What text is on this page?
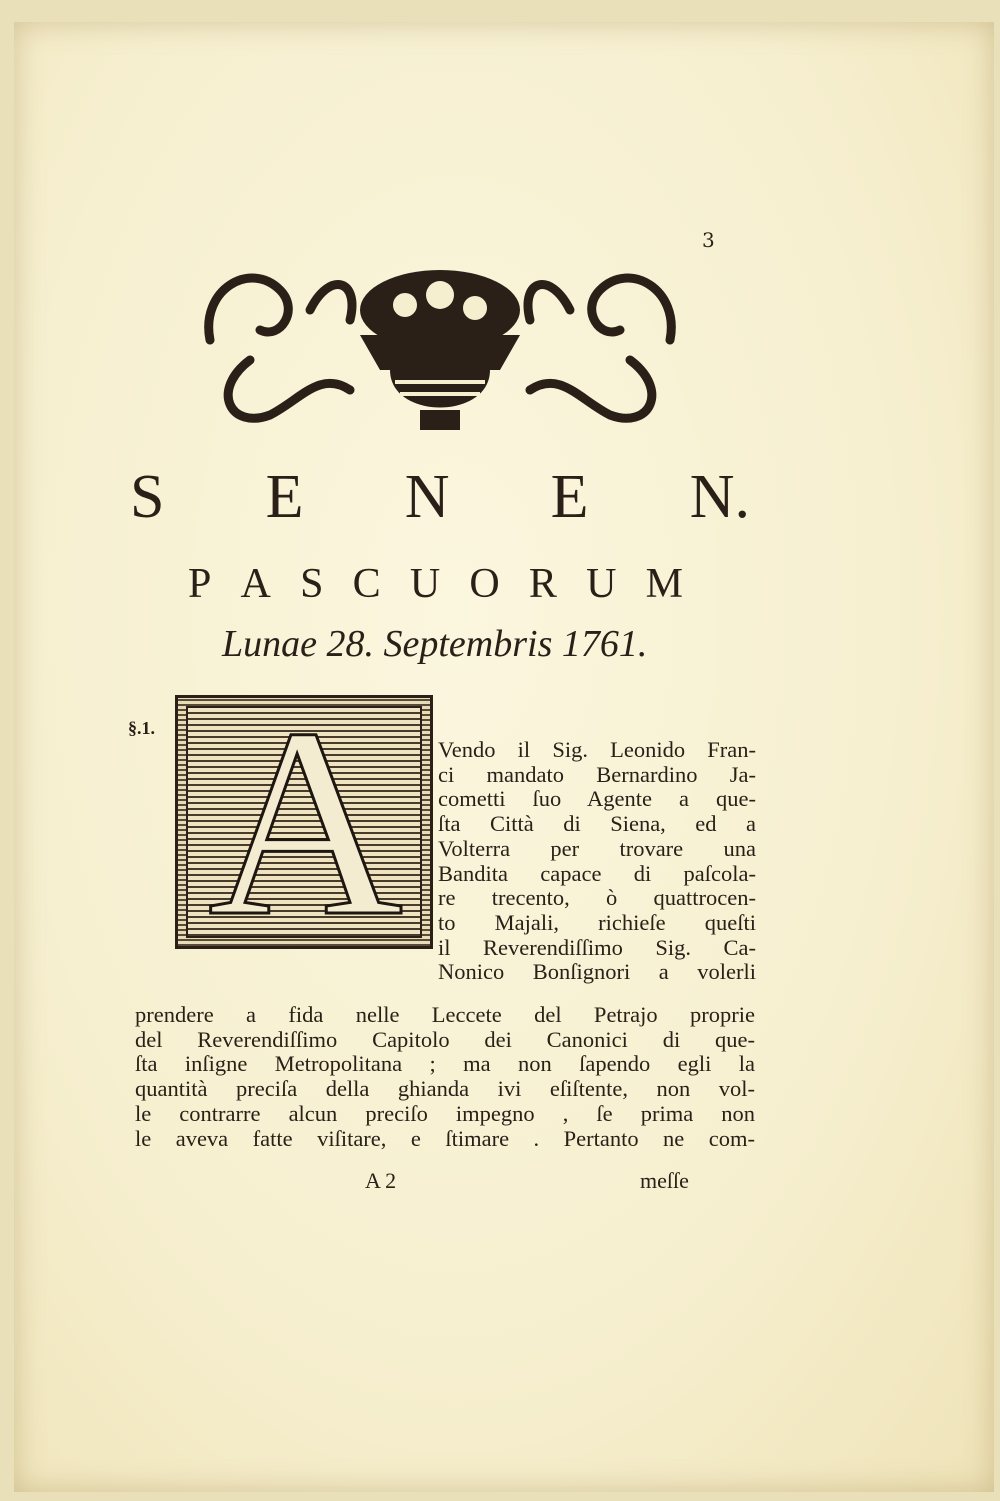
3
S E N E N.
P A S C U O R U M
Lunae 28. Septembris 1761.
§.1. A Vendo il Sig. Leonido Fran-
ci mandato Bernardino Ja-
cometti ſuo Agente a que-
ſta Città di Siena, ed a
Volterra per trovare una
Bandita capace di paſcola-
re trecento, ò quattrocen-
to Majali, richieſe queſti
il Reverendiſſimo Sig. Ca-
Nonico Bonſignori a volerli
prendere a fida nelle Leccete del Petrajo proprie
del Reverendiſſimo Capitolo dei Canonici di que-
ſta inſigne Metropolitana ; ma non ſapendo egli la
quantità preciſa della ghianda ivi eſiſtente, non vol-
le contrarre alcun preciſo impegno , ſe prima non
le aveva fatte viſitare, e ſtimare . Pertanto ne com-
A 2	meſſe
